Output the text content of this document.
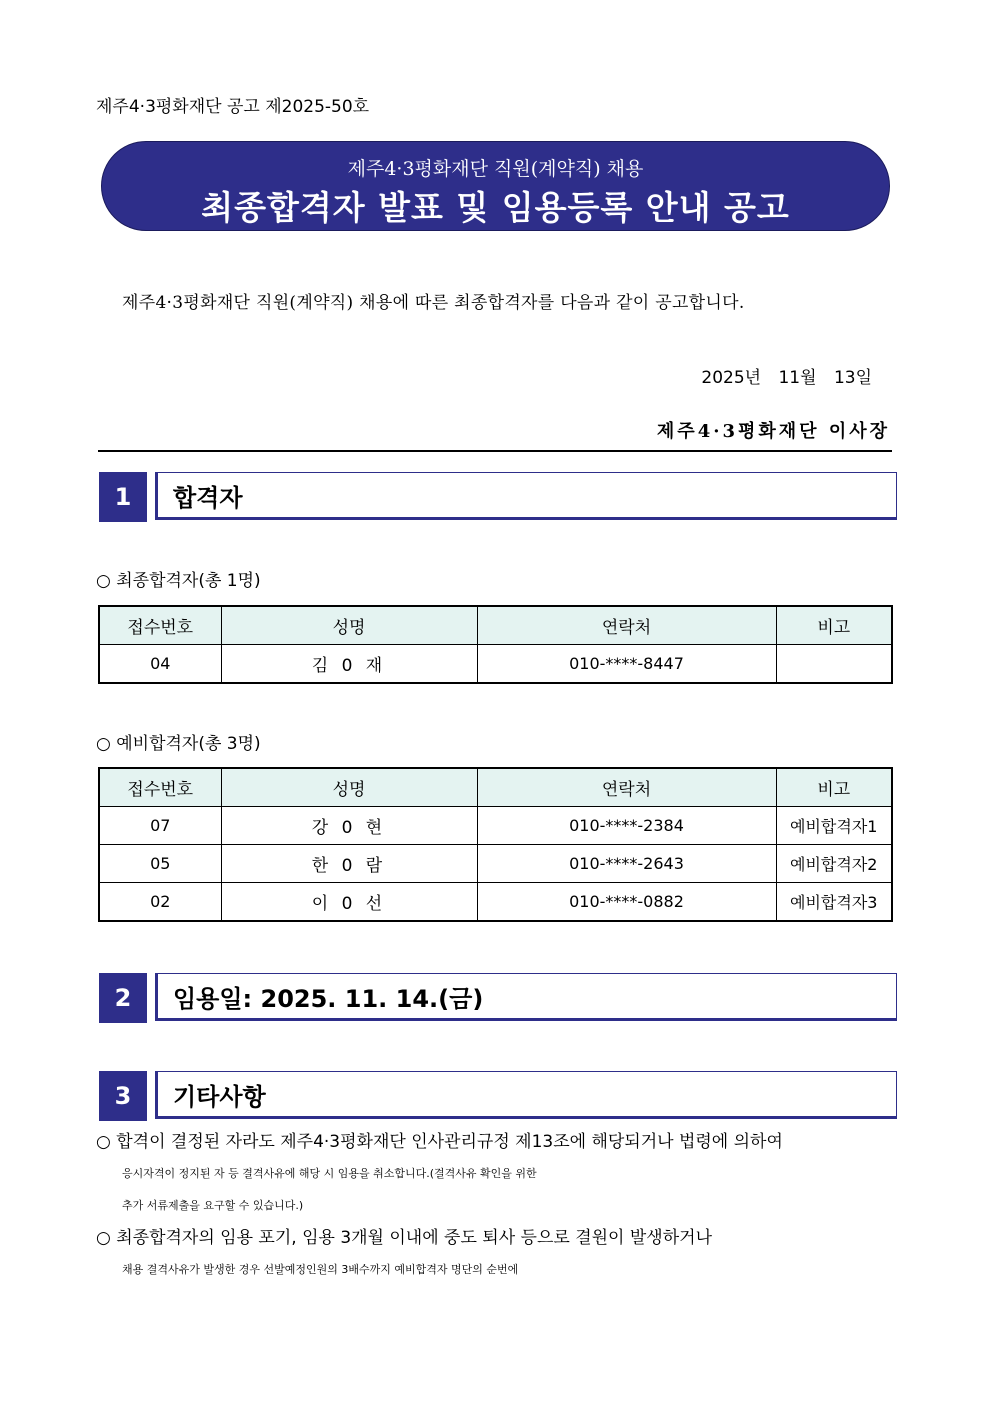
제주4·3평화재단 공고 제2025-50호
제주4·3평화재단 직원(계약직) 채용
최종합격자 발표 및 임용등록 안내 공고
제주4·3평화재단 직원(계약직) 채용에 따른 최종합격자를 다음과 같이 공고합니다.
2025년 11월 13일
제주4·3평화재단 이사장
1	합격자
○ 최종합격자(총 1명)
접수번호	성명	연락처	비고
04	김 0 재	010-****-8447	
○ 예비합격자(총 3명)
접수번호	성명	연락처	비고
07	강 0 현	010-****-2384	예비합격자1
05	한 0 람	010-****-2643	예비합격자2
02	이 0 선	010-****-0882	예비합격자3
2	임용일: 2025. 11. 14.(금)
3	기타사항
○ 합격이 결정된 자라도 제주4·3평화재단 인사관리규정 제13조에 해당되거나 법령에 의하여
응시자격이 정지된 자 등 결격사유에 해당 시 임용을 취소합니다.(결격사유 확인을 위한
추가 서류제출을 요구할 수 있습니다.)
○ 최종합격자의 임용 포기, 임용 3개월 이내에 중도 퇴사 등으로 결원이 발생하거나
채용 결격사유가 발생한 경우 선발예정인원의 3배수까지 예비합격자 명단의 순번에
